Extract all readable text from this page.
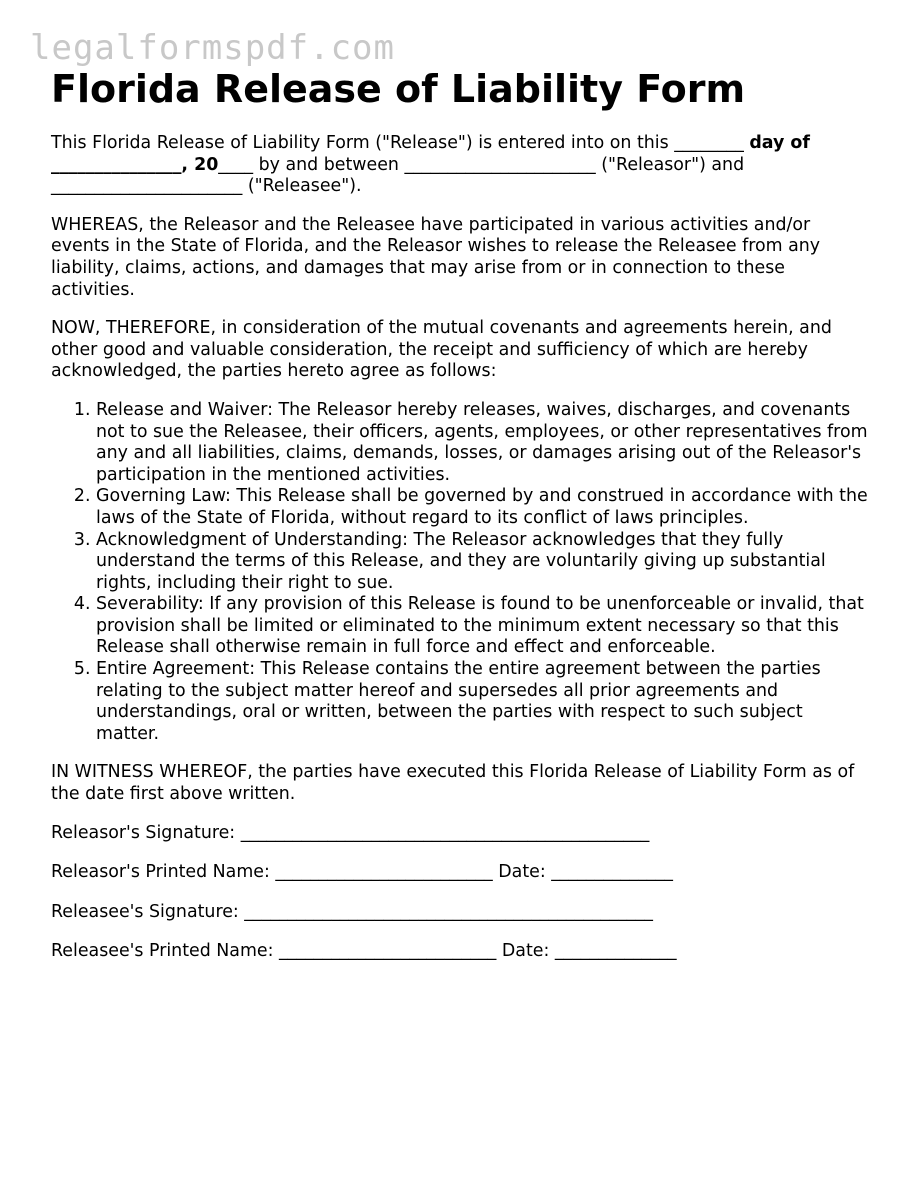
legalformspdf.com
Florida Release of Liability Form

This Florida Release of Liability Form ("Release") is entered into on this ________ day of
_______________, 20____ by and between ______________________ ("Releasor") and
______________________ ("Releasee").

WHEREAS, the Releasor and the Releasee have participated in various activities and/or events in the State of Florida, and the Releasor wishes to release the Releasee from any liability, claims, actions, and damages that may arise from or in connection to these activities.

NOW, THEREFORE, in consideration of the mutual covenants and agreements herein, and other good and valuable consideration, the receipt and sufficiency of which are hereby acknowledged, the parties hereto agree as follows:

1. Release and Waiver: The Releasor hereby releases, waives, discharges, and covenants not to sue the Releasee, their officers, agents, employees, or other representatives from any and all liabilities, claims, demands, losses, or damages arising out of the Releasor's participation in the mentioned activities.
2. Governing Law: This Release shall be governed by and construed in accordance with the laws of the State of Florida, without regard to its conflict of laws principles.
3. Acknowledgment of Understanding: The Releasor acknowledges that they fully understand the terms of this Release, and they are voluntarily giving up substantial rights, including their right to sue.
4. Severability: If any provision of this Release is found to be unenforceable or invalid, that provision shall be limited or eliminated to the minimum extent necessary so that this Release shall otherwise remain in full force and effect and enforceable.
5. Entire Agreement: This Release contains the entire agreement between the parties relating to the subject matter hereof and supersedes all prior agreements and understandings, oral or written, between the parties with respect to such subject matter.

IN WITNESS WHEREOF, the parties have executed this Florida Release of Liability Form as of the date first above written.

Releasor's Signature: _______________________________________________
Releasor's Printed Name: _________________________ Date: ______________
Releasee's Signature: _______________________________________________
Releasee's Printed Name: _________________________ Date: ______________
